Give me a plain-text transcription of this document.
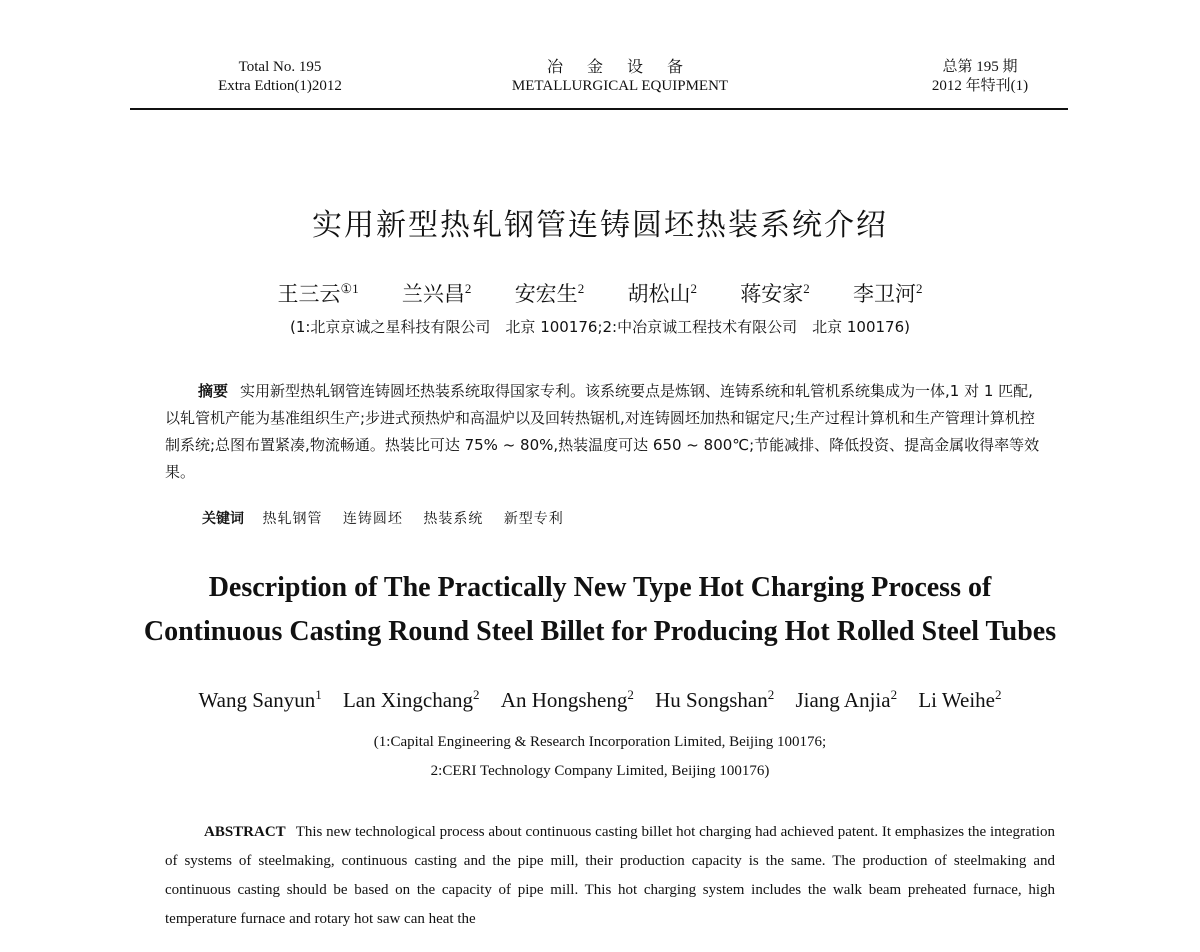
Total No. 195
Extra Edtion(1)2012
冶 金 设 备
METALLURGICAL EQUIPMENT
总第 195 期
2012 年特刊(1)
实用新型热轧钢管连铸圆坯热装系统介绍
王三云$^{①1}$ 兰兴昌$^2$ 安宏生$^2$ 胡松山$^2$ 蒋安家$^2$ 李卫河$^2$
(1:北京京诚之星科技有限公司　北京 100176;2:中冶京诚工程技术有限公司　北京 100176)
摘要 实用新型热轧钢管连铸圆坯热装系统取得国家专利。该系统要点是炼钢、连铸系统和轧管机系统集成为一体,1 对 1 匹配,以轧管机产能为基准组织生产;步进式预热炉和高温炉以及回转热锯机,对连铸圆坯加热和锯定尺;生产过程计算机和生产管理计算机控制系统;总图布置紧凑,物流畅通。热装比可达 75% ~ 80%,热装温度可达 650 ~ 800℃;节能减排、降低投资、提高金属收得率等效果。
关键词 热轧钢管 连铸圆坯 热装系统 新型专利
Description of The Practically New Type Hot Charging Process of
Continuous Casting Round Steel Billet for Producing Hot Rolled Steel Tubes
Wang Sanyun$^1$ Lan Xingchang$^2$ An Hongsheng$^2$ Hu Songshan$^2$ Jiang Anjia$^2$ Li Weihe$^2$
(1:Capital Engineering & Research Incorporation Limited, Beijing 100176;
2:CERI Technology Company Limited, Beijing 100176)
ABSTRACT This new technological process about continuous casting billet hot charging had achieved patent. It emphasizes the integration of systems of steelmaking, continuous casting and the pipe mill, their production capacity is the same. The production of steelmaking and continuous casting should be based on the capacity of pipe mill. This hot charging system includes the walk beam preheated furnace, high temperature furnace and rotary hot saw can heat the
